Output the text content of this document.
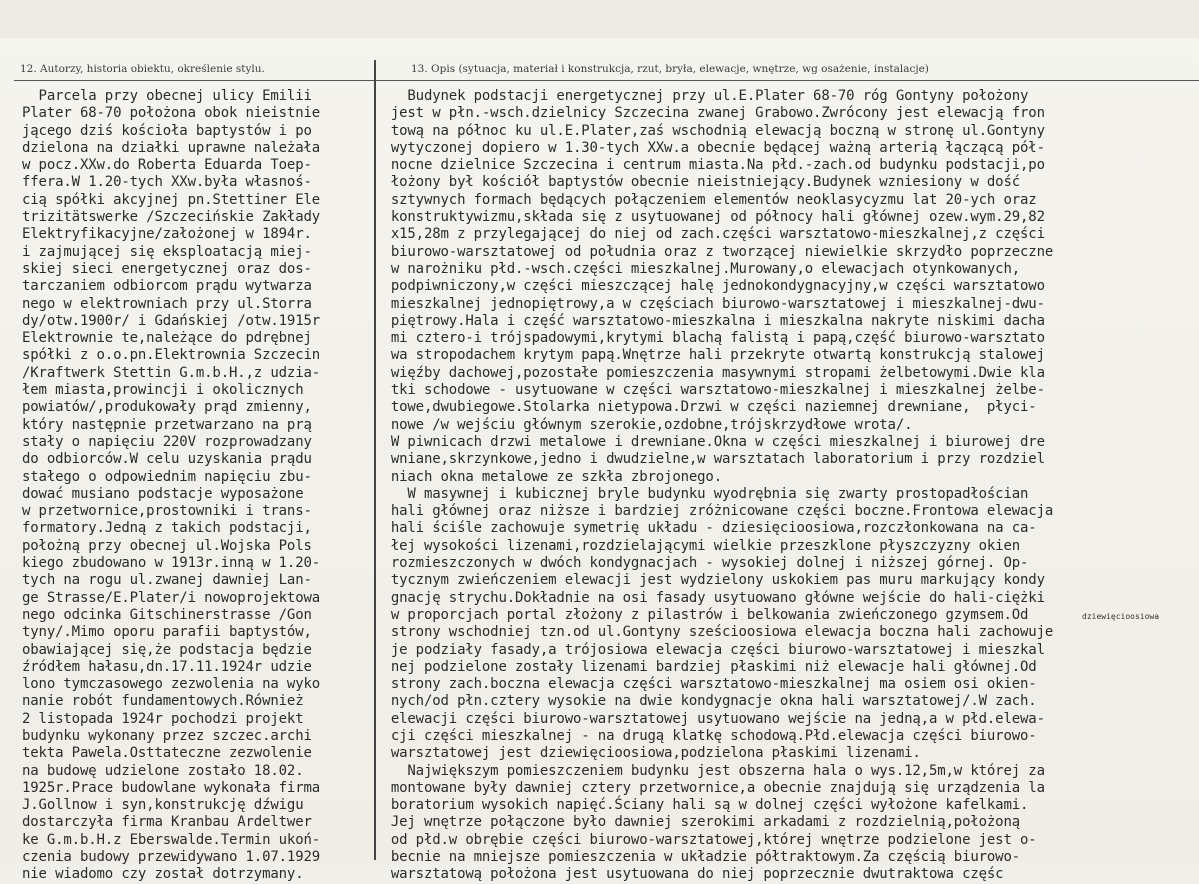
12. Autorzy, historia obiektu, określenie stylu.	13. Opis (sytuacja, materiał i konstrukcja, rzut, bryła, elewacje, wnętrze, wg osażenie, instalacje)
Parcela przy obecnej ulicy Emilii
Plater 68-70 położona obok nieistnie
jącego dziś kościoła baptystów i po
dzielona na działki uprawne należała
w pocz.XXw.do Roberta Eduarda Toep-
ffera.W 1.20-tych XXw.była własnoś-
cią spółki akcyjnej pn.Stettiner Ele
trizitätswerke /Szczecińskie Zakłady
Elektryfikacyjne/założonej w 1894r.
i zajmującej się eksploatacją miej-
skiej sieci energetycznej oraz dos-
tarczaniem odbiorcom prądu wytwarza
nego w elektrowniach przy ul.Storra
dy/otw.1900r/ i Gdańskiej /otw.1915r
Elektrownie te,należące do pdrębnej
spółki z o.o.pn.Elektrownia Szczecin
/Kraftwerk Stettin G.m.b.H.,z udzia-
łem miasta,prowincji i okolicznych
powiatów/,produkowały prąd zmienny,
który następnie przetwarzano na prą
stały o napięciu 220V rozprowadzany
do odbiorców.W celu uzyskania prądu
stałego o odpowiednim napięciu zbu-
dować musiano podstacje wyposażone
w przetwornice,prostowniki i trans-
formatory.Jedną z takich podstacji,
położną przy obecnej ul.Wojska Pols
kiego zbudowano w 1913r.inną w 1.20-
tych na rogu ul.zwanej dawniej Lan-
ge Strasse/E.Plater/i nowoprojektowa
nego odcinka Gitschinerstrasse /Gon
tyny/.Mimo oporu parafii baptystów,
obawiającej się,że podstacja będzie
źródłem hałasu,dn.17.11.1924r udzie
lono tymczasowego zezwolenia na wyko
nanie robót fundamentowych.Również
2 listopada 1924r pochodzi projekt
budynku wykonany przez szczec.archi
tekta Pawela.Osttateczne zezwolenie
na budowę udzielone zostało 18.02.
1925r.Prace budowlane wykonała firma
J.Gollnow i syn,konstrukcję dźwigu
dostarczyła firma Kranbau Ardeltwer
ke G.m.b.H.z Eberswalde.Termin ukoń-
czenia budowy przewidywano 1.07.1929
nie wiadomo czy został dotrzymany.

Budynek podstacji energetycznej przy ul.E.Plater 68-70 róg Gontyny położony
jest w płn.-wsch.dzielnicy Szczecina zwanej Grabowo.Zwrócony jest elewacją fron
tową na północ ku ul.E.Plater,zaś wschodnią elewacją boczną w stronę ul.Gontyny
wytyczonej dopiero w 1.30-tych XXw.a obecnie będącej ważną arterią łączącą pół-
nocne dzielnice Szczecina i centrum miasta.Na płd.-zach.od budynku podstacji,po
łożony był kościół baptystów obecnie nieistniejący.Budynek wzniesiony w dość
sztywnych formach będących połączeniem elementów neoklasycyzmu lat 20-ych oraz
konstruktywizmu,składa się z usytuowanej od północy hali głównej ozew.wym.29,82
x15,28m z przylegającej do niej od zach.części warsztatowo-mieszkalnej,z części
biurowo-warsztatowej od południa oraz z tworzącej niewielkie skrzydło poprzeczne
w narożniku płd.-wsch.części mieszkalnej.Murowany,o elewacjach otynkowanych,
podpiwniczony,w części mieszczącej halę jednokondygnacyjny,w części warsztatowo
mieszkalnej jednopiętrowy,a w częściach biurowo-warsztatowej i mieszkalnej-dwu-
piętrowy.Hala i część warsztatowo-mieszkalna i mieszkalna nakryte niskimi dacha
mi cztero-i trójspadowymi,krytymi blachą falistą i papą,część biurowo-warsztato
wa stropodachem krytym papą.Wnętrze hali przekryte otwartą konstrukcją stalowej
więźby dachowej,pozostałe pomieszczenia masywnymi stropami żelbetowymi.Dwie kla
tki schodowe - usytuowane w części warsztatowo-mieszkalnej i mieszkalnej żelbe-
towe,dwubiegowe.Stolarka nietypowa.Drzwi w części naziemnej drewniane,  płyci-
nowe /w wejściu głównym szerokie,ozdobne,trójskrzydłowe wrota/.
W piwnicach drzwi metalowe i drewniane.Okna w części mieszkalnej i biurowej dre
wniane,skrzynkowe,jedno i dwudzielne,w warsztatach laboratorium i przy rozdziel
niach okna metalowe ze szkła zbrojonego.
W masywnej i kubicznej bryle budynku wyodrębnia się zwarty prostopadłościan
hali głównej oraz niższe i bardziej zróżnicowane części boczne.Frontowa elewacja
hali ściśle zachowuje symetrię układu - dziesięcioosiowa,rozczłonkowana na ca-
łej wysokości lizenami,rozdzielającymi wielkie przeszklone płyszczyzny okien
rozmieszczonych w dwóch kondygnacjach - wysokiej dolnej i niższej górnej. Op-
tycznym zwieńczeniem elewacji jest wydzielony uskokiem pas muru markujący kondy
gnację strychu.Dokładnie na osi fasady usytuowano główne wejście do hali-ciężki
w proporcjach portal złożony z pilastrów i belkowania zwieńczonego gzymsem.Od
strony wschodniej tzn.od ul.Gontyny sześcioosiowa elewacja boczna hali zachowuje
je podziały fasady,a trójosiowa elewacja części biurowo-warsztatowej i mieszkal
nej podzielone zostały lizenami bardziej płaskimi niż elewacje hali głównej.Od
strony zach.boczna elewacja części warsztatowo-mieszkalnej ma osiem osi okien-
nych/od płn.cztery wysokie na dwie kondygnacje okna hali warsztatowej/.W zach.
elewacji części biurowo-warsztatowej usytuowano wejście na jedną,a w płd.elewa-
cji części mieszkalnej - na drugą klatkę schodową.Płd.elewacja części biurowo-
warsztatowej jest dziewięcioosiowa,podzielona płaskimi lizenami.
Największym pomieszczeniem budynku jest obszerna hala o wys.12,5m,w której za
montowane były dawniej cztery przetwornice,a obecnie znajdują się urządzenia la
boratorium wysokich napięć.Ściany hali są w dolnej części wyłożone kafelkami.
Jej wnętrze połączone było dawniej szerokimi arkadami z rozdzielnią,położoną
od płd.w obrębie części biurowo-warsztatowej,której wnętrze podzielone jest o-
becnie na mniejsze pomieszczenia w układzie półtraktowym.Za częścią biurowo-
warsztatową położona jest usytuowana do niej poprzecznie dwutraktowa częśc

dziewięcioosiowa
